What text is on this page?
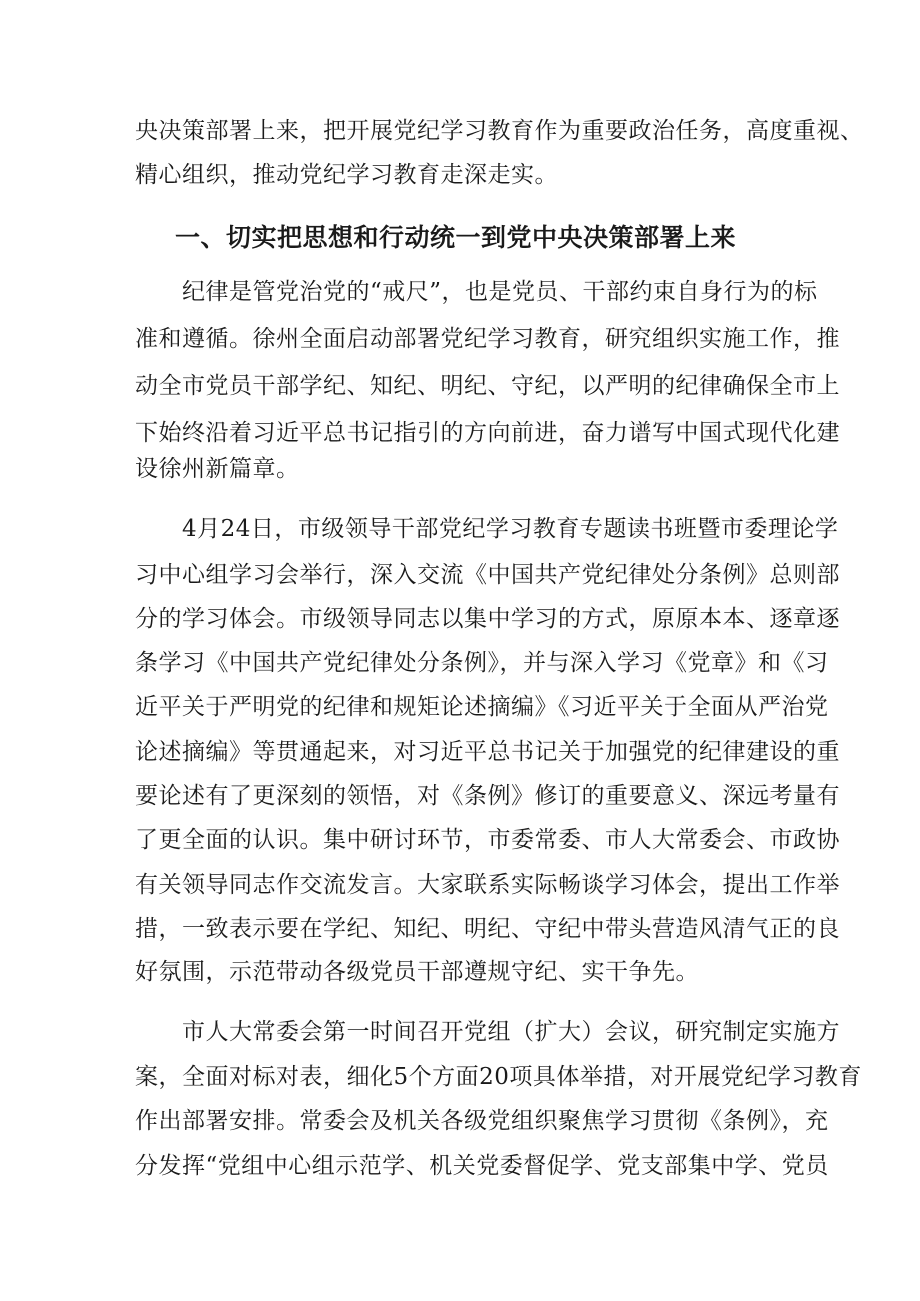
央决策部署上来，把开展党纪学习教育作为重要政治任务，高度重视、
精心组织，推动党纪学习教育走深走实。
一、切实把思想和行动统一到党中央决策部署上来
纪律是管党治党的“戒尺”，也是党员、干部约束自身行为的标
准和遵循。徐州全面启动部署党纪学习教育，研究组织实施工作，推
动全市党员干部学纪、知纪、明纪、守纪，以严明的纪律确保全市上
下始终沿着习近平总书记指引的方向前进，奋力谱写中国式现代化建
设徐州新篇章。
4月24日，市级领导干部党纪学习教育专题读书班暨市委理论学
习中心组学习会举行，深入交流《中国共产党纪律处分条例》总则部
分的学习体会。市级领导同志以集中学习的方式，原原本本、逐章逐
条学习《中国共产党纪律处分条例》，并与深入学习《党章》和《习
近平关于严明党的纪律和规矩论述摘编》《习近平关于全面从严治党
论述摘编》等贯通起来，对习近平总书记关于加强党的纪律建设的重
要论述有了更深刻的领悟，对《条例》修订的重要意义、深远考量有
了更全面的认识。集中研讨环节，市委常委、市人大常委会、市政协
有关领导同志作交流发言。大家联系实际畅谈学习体会，提出工作举
措，一致表示要在学纪、知纪、明纪、守纪中带头营造风清气正的良
好氛围，示范带动各级党员干部遵规守纪、实干争先。
市人大常委会第一时间召开党组（扩大）会议，研究制定实施方
案，全面对标对表，细化5个方面20项具体举措，对开展党纪学习教育
作出部署安排。常委会及机关各级党组织聚焦学习贯彻《条例》，充
分发挥“党组中心组示范学、机关党委督促学、党支部集中学、党员
